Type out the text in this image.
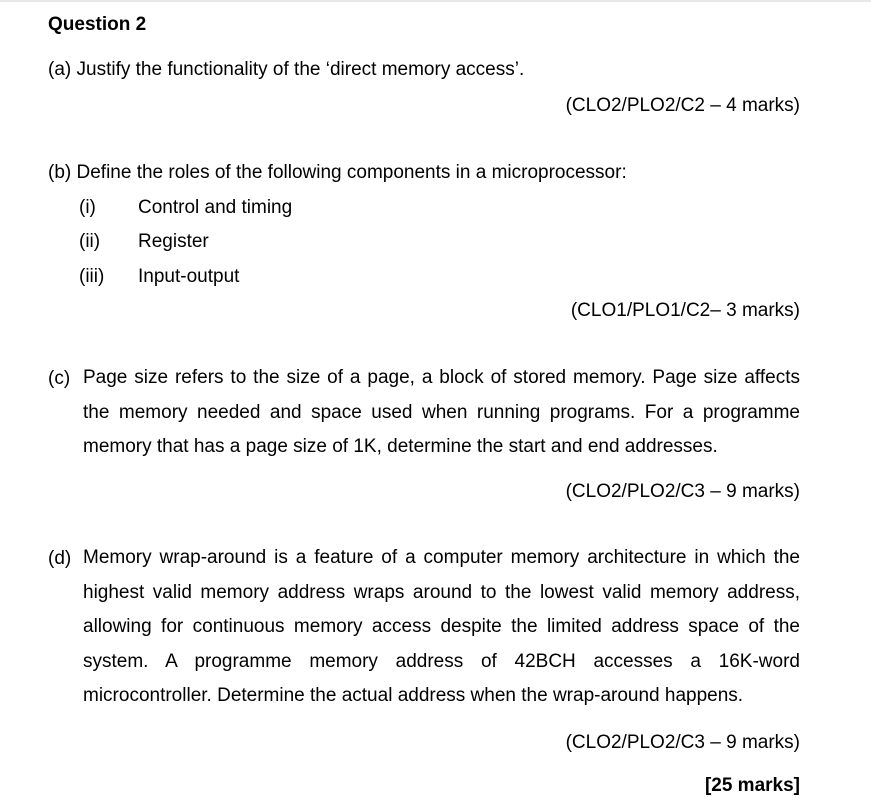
Question 2
(a) Justify the functionality of the ‘direct memory access’.
(CLO2/PLO2/C2 – 4 marks)
(b) Define the roles of the following components in a microprocessor:
(i) Control and timing
(ii) Register
(iii) Input-output
(CLO1/PLO1/C2– 3 marks)
(c) Page size refers to the size of a page, a block of stored memory. Page size affects the memory needed and space used when running programs. For a programme memory that has a page size of 1K, determine the start and end addresses.
(CLO2/PLO2/C3 – 9 marks)
(d) Memory wrap-around is a feature of a computer memory architecture in which the highest valid memory address wraps around to the lowest valid memory address, allowing for continuous memory access despite the limited address space of the system. A programme memory address of 42BCH accesses a 16K-word microcontroller. Determine the actual address when the wrap-around happens.
(CLO2/PLO2/C3 – 9 marks)
[25 marks]
